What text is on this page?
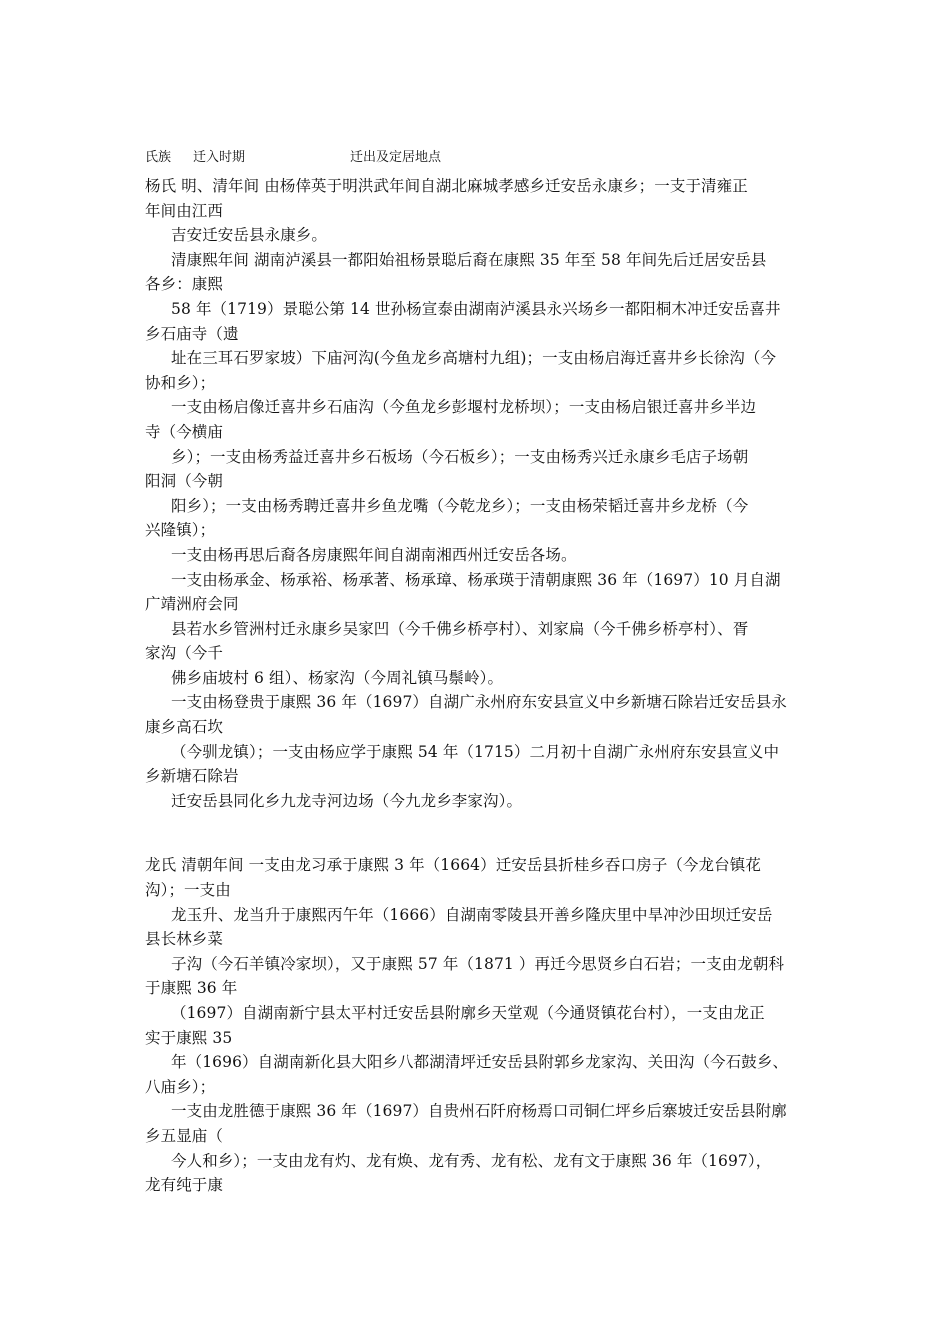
氏族 迁入时期	迁出及定居地点
杨氏 明、清年间 由杨倖英于明洪武年间自湖北麻城孝感乡迁安岳永康乡；一支于清雍正
年间由江西
吉安迁安岳县永康乡。
清康熙年间 湖南泸溪县一都阳始祖杨景聪后裔在康熙 35 年至 58 年间先后迁居安岳县
各乡：康熙
58 年（1719）景聪公第 14 世孙杨宣泰由湖南泸溪县永兴场乡一都阳桐木冲迁安岳喜井
乡石庙寺（遗
址在三耳石罗家坡）下庙河沟(今鱼龙乡高塘村九组)；一支由杨启海迁喜井乡长徐沟（今
协和乡）；
一支由杨启像迁喜井乡石庙沟（今鱼龙乡彭堰村龙桥坝）；一支由杨启银迁喜井乡半边
寺（今横庙
乡）；一支由杨秀益迁喜井乡石板场（今石板乡）；一支由杨秀兴迁永康乡毛店子场朝
阳洞（今朝
阳乡）；一支由杨秀聘迁喜井乡鱼龙嘴（今乾龙乡）；一支由杨荣韬迁喜井乡龙桥（今
兴隆镇）；
一支由杨再思后裔各房康熙年间自湖南湘西州迁安岳各场。
一支由杨承金、杨承裕、杨承著、杨承璋、杨承瑛于清朝康熙 36 年（1697）10 月自湖
广靖洲府会同
县若水乡管洲村迁永康乡吴家凹（今千佛乡桥亭村）、刘家扁（今千佛乡桥亭村）、胥
家沟（今千
佛乡庙坡村 6 组）、杨家沟（今周礼镇马鬃岭）。
一支由杨登贵于康熙 36 年（1697）自湖广永州府东安县宣义中乡新塘石除岩迁安岳县永
康乡高石坎
（今驯龙镇）；一支由杨应学于康熙 54 年（1715）二月初十自湖广永州府东安县宣义中
乡新塘石除岩
迁安岳县同化乡九龙寺河边场（今九龙乡李家沟）。
龙氏 清朝年间 一支由龙习承于康熙 3 年（1664）迁安岳县折桂乡吞口房子（今龙台镇花
沟）；一支由
龙玉升、龙当升于康熙丙午年（1666）自湖南零陵县开善乡隆庆里中旱冲沙田坝迁安岳
县长林乡菜
子沟（今石羊镇冷家坝），又于康熙 57 年（1871 ）再迁今思贤乡白石岩；一支由龙朝科
于康熙 36 年
（1697）自湖南新宁县太平村迁安岳县附廓乡天堂观（今通贤镇花台村），一支由龙正
实于康熙 35
年（1696）自湖南新化县大阳乡八都湖清坪迁安岳县附郭乡龙家沟、关田沟（今石鼓乡、
八庙乡）；
一支由龙胜德于康熙 36 年（1697）自贵州石阡府杨焉口司铜仁坪乡后寨坡迁安岳县附廓
乡五显庙（
今人和乡）；一支由龙有灼、龙有焕、龙有秀、龙有松、龙有文于康熙 36 年（1697），
龙有纯于康
